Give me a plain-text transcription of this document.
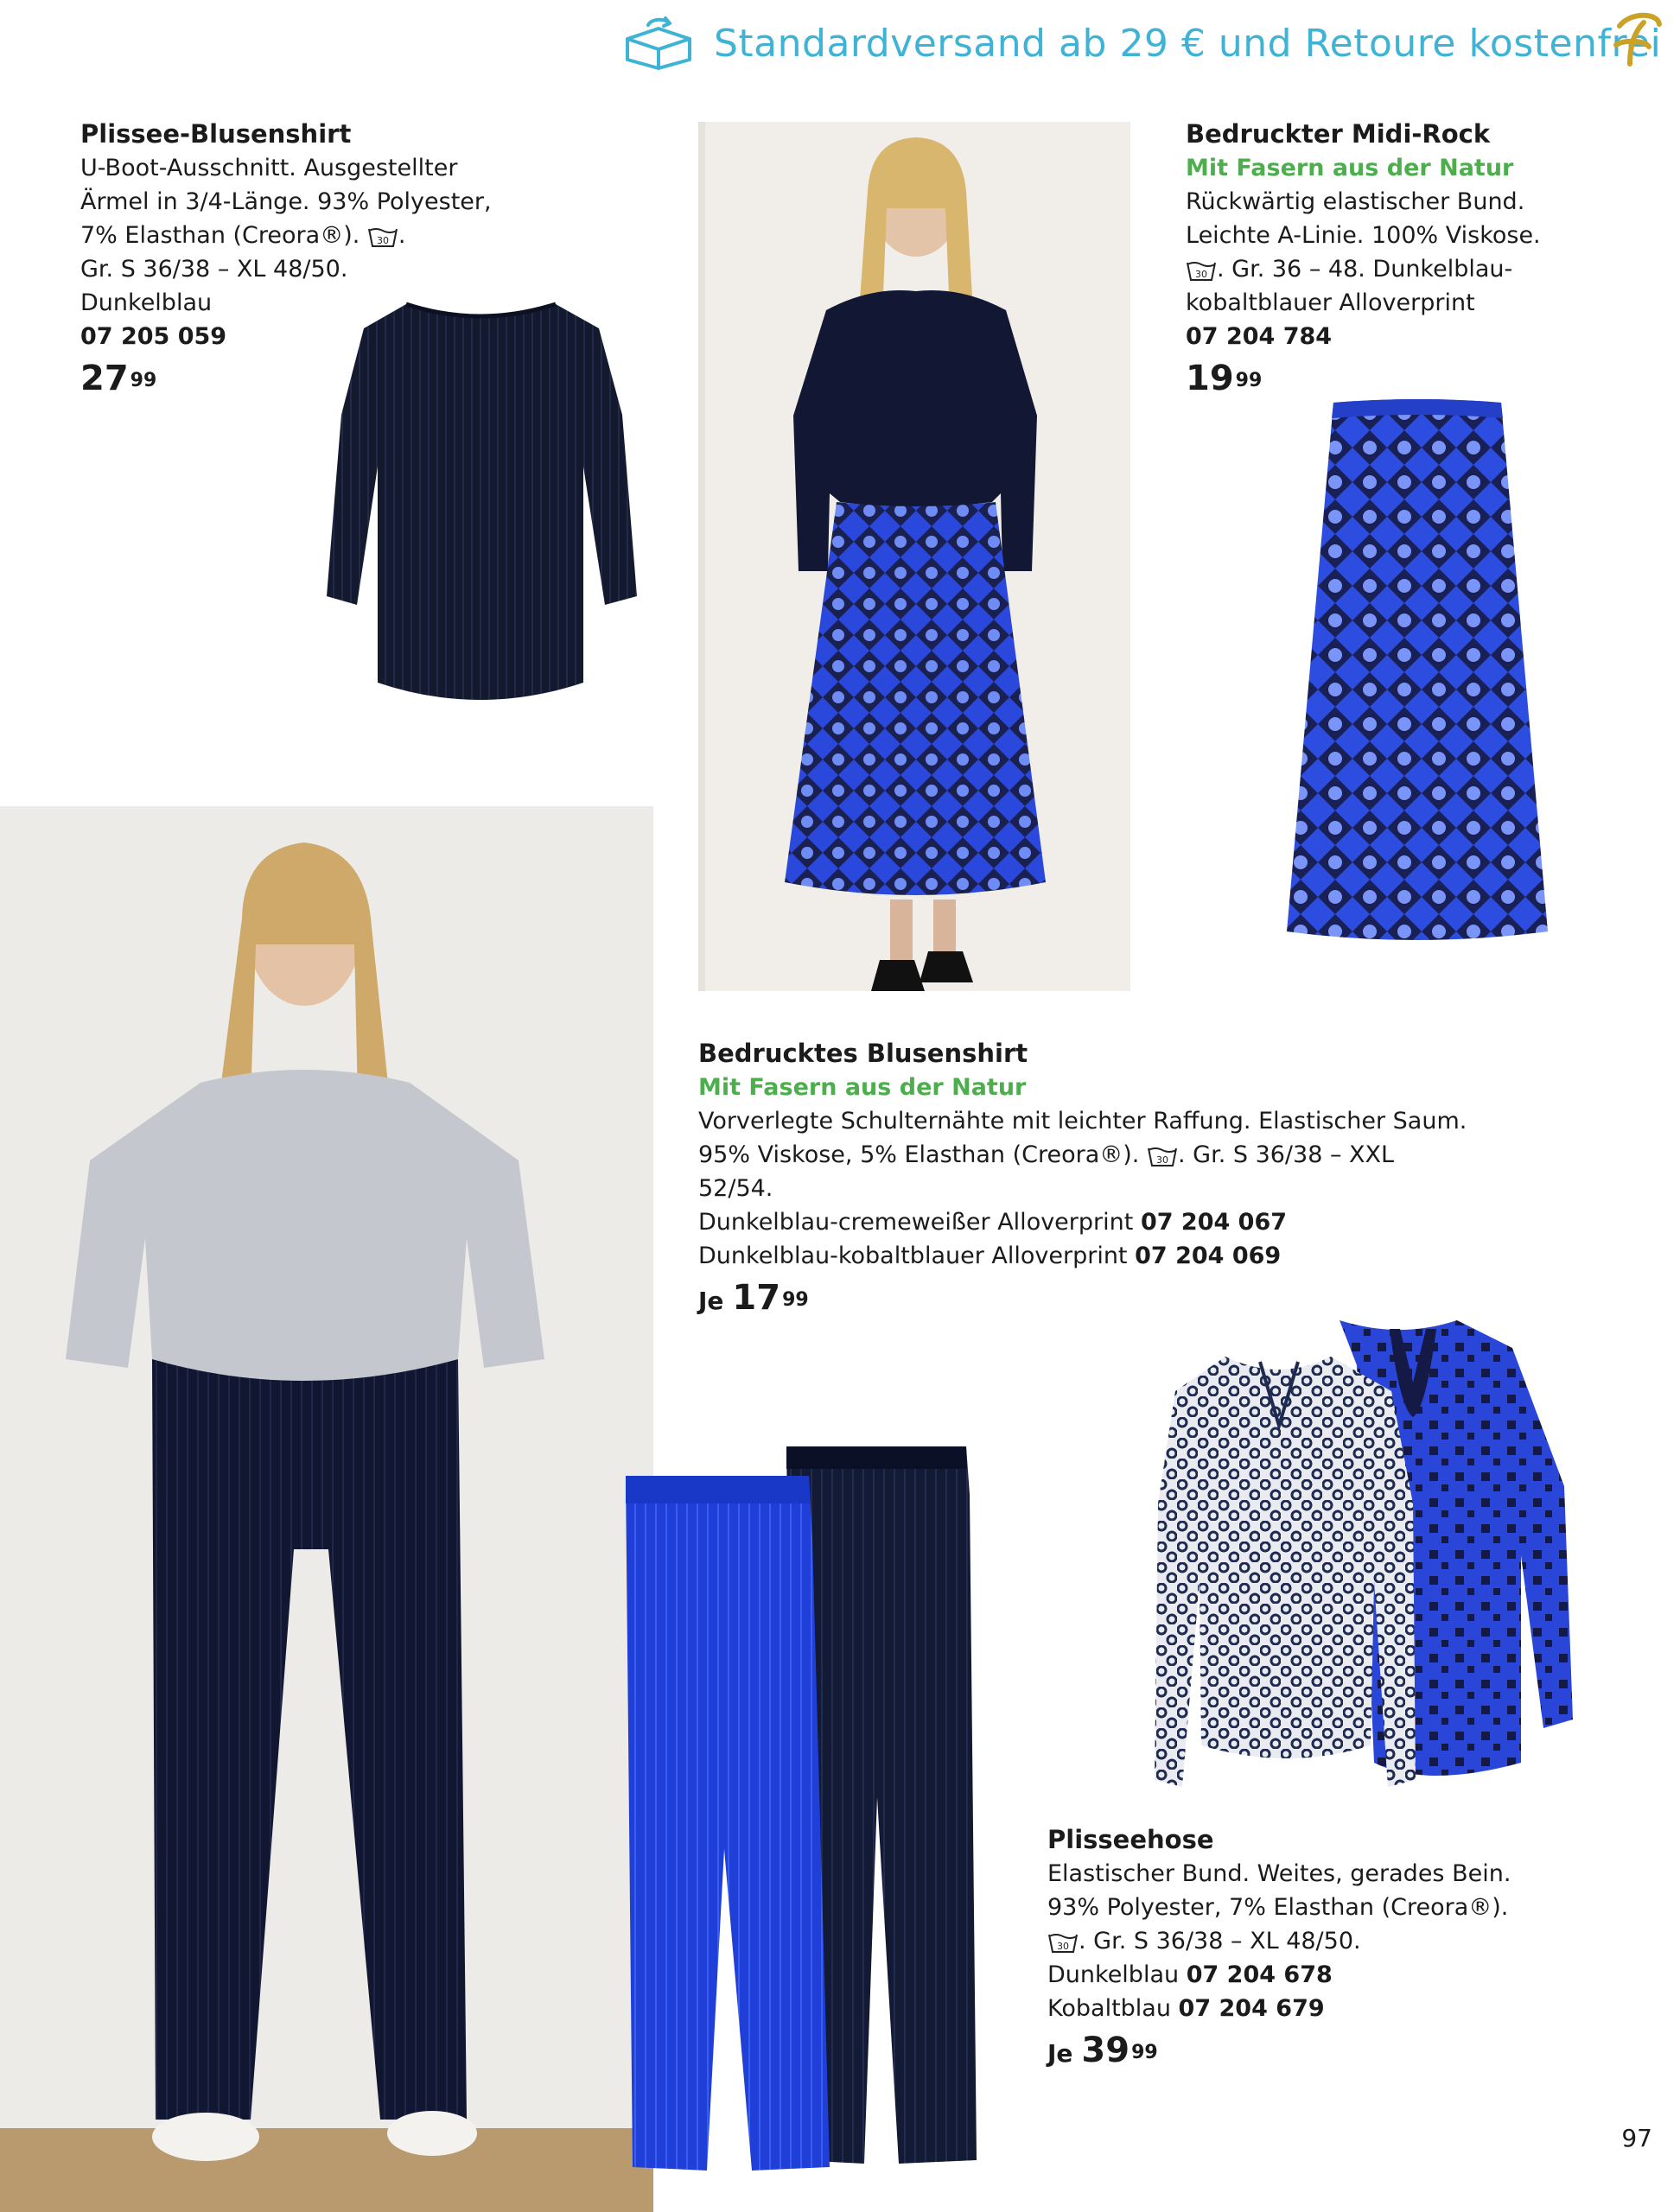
Standardversand ab 29 € und Retoure kostenfrei
Plissee-Blusenshirt
U-Boot-Ausschnitt. Ausgestellter
Ärmel in 3/4-Länge. 93% Polyester,
7% Elasthan (Creora®). 30 .
Gr. S 36/38 – XL 48/50.
Dunkelblau
07 205 059
$27^{99}$
Bedruckter Midi-Rock
Mit Fasern aus der Natur
Rückwärtig elastischer Bund.
Leichte A-Linie. 100% Viskose.
30 . Gr. 36 – 48. Dunkelblau-
kobaltblauer Alloverprint
07 204 784
$19^{99}$
Bedrucktes Blusenshirt
Mit Fasern aus der Natur
Vorverlegte Schulternähte mit leichter Raffung. Elastischer Saum.
95% Viskose, 5% Elasthan (Creora®). 30 . Gr. S 36/38 – XXL 52/54.
Dunkelblau-cremeweißer Alloverprint 07 204 067
Dunkelblau-kobaltblauer Alloverprint 07 204 069
Je $17^{99}$
Plisseehose
Elastischer Bund. Weites, gerades Bein.
93% Polyester, 7% Elasthan (Creora®).
30 . Gr. S 36/38 – XL 48/50.
Dunkelblau 07 204 678
Kobaltblau 07 204 679
Je $39^{99}$
97
